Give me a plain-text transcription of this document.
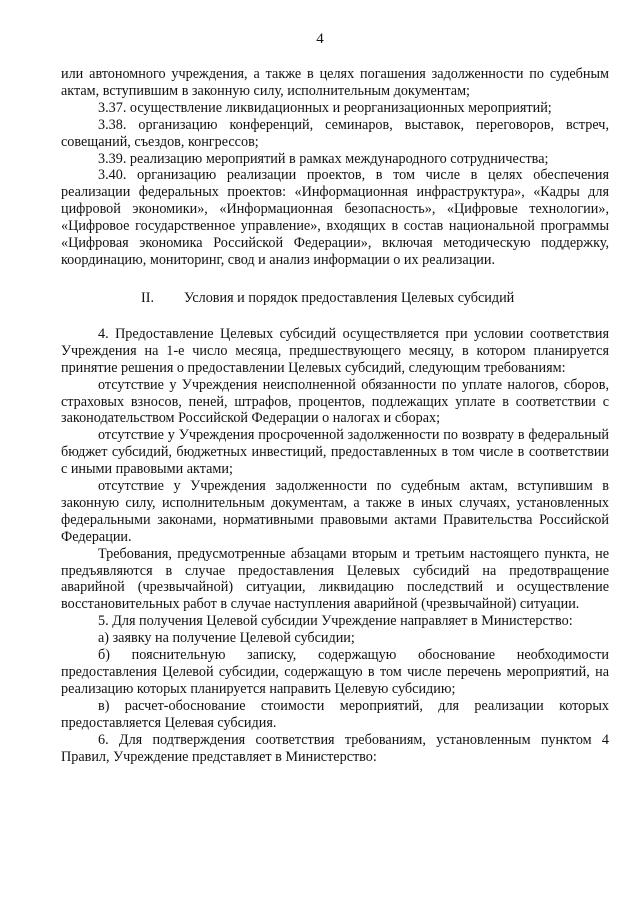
4

или автономного учреждения, а также в целях погашения задолженности по судебным актам, вступившим в законную силу, исполнительным документам;

3.37. осуществление ликвидационных и реорганизационных мероприятий;

3.38. организацию конференций, семинаров, выставок, переговоров, встреч, совещаний, съездов, конгрессов;

3.39. реализацию мероприятий в рамках международного сотрудничества;

3.40. организацию реализации проектов, в том числе в целях обеспечения реализации федеральных проектов: «Информационная инфраструктура», «Кадры для цифровой экономики», «Информационная безопасность», «Цифровые технологии», «Цифровое государственное управление», входящих в состав национальной программы «Цифровая экономика Российской Федерации», включая методическую поддержку, координацию, мониторинг, свод и анализ информации о их реализации.

II. Условия и порядок предоставления Целевых субсидий

4. Предоставление Целевых субсидий осуществляется при условии соответствия Учреждения на 1-е число месяца, предшествующего месяцу, в котором планируется принятие решения о предоставлении Целевых субсидий, следующим требованиям:

отсутствие у Учреждения неисполненной обязанности по уплате налогов, сборов, страховых взносов, пеней, штрафов, процентов, подлежащих уплате в соответствии с законодательством Российской Федерации о налогах и сборах;

отсутствие у Учреждения просроченной задолженности по возврату в федеральный бюджет субсидий, бюджетных инвестиций, предоставленных в том числе в соответствии с иными правовыми актами;

отсутствие у Учреждения задолженности по судебным актам, вступившим в законную силу, исполнительным документам, а также в иных случаях, установленных федеральными законами, нормативными правовыми актами Правительства Российской Федерации.

Требования, предусмотренные абзацами вторым и третьим настоящего пункта, не предъявляются в случае предоставления Целевых субсидий на предотвращение аварийной (чрезвычайной) ситуации, ликвидацию последствий и осуществление восстановительных работ в случае наступления аварийной (чрезвычайной) ситуации.

5. Для получения Целевой субсидии Учреждение направляет в Министерство:

а) заявку на получение Целевой субсидии;

б) пояснительную записку, содержащую обоснование необходимости предоставления Целевой субсидии, содержащую в том числе перечень мероприятий, на реализацию которых планируется направить Целевую субсидию;

в) расчет-обоснование стоимости мероприятий, для реализации которых предоставляется Целевая субсидия.

6. Для подтверждения соответствия требованиям, установленным пунктом 4 Правил, Учреждение представляет в Министерство:
